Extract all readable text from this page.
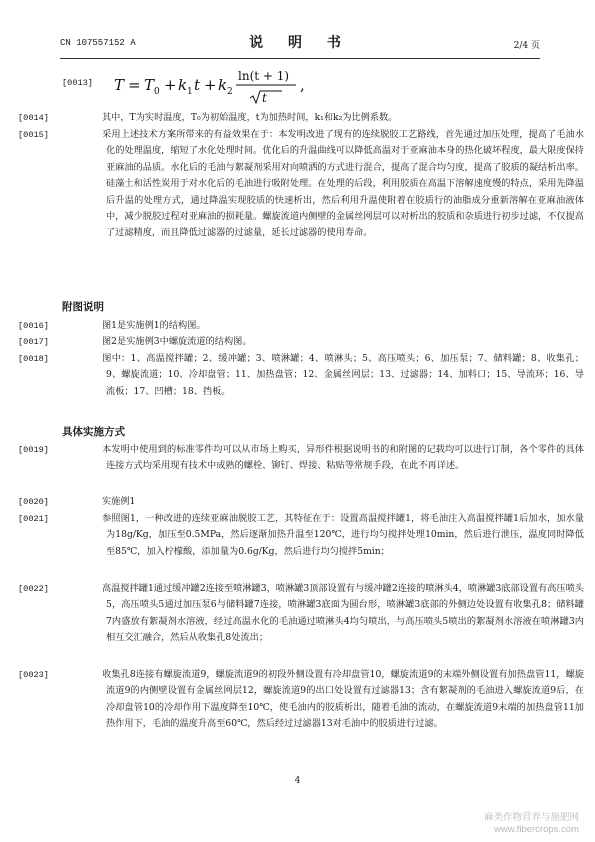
CN 107557152 A	说 明 书	2/4 页
[0013]	T = T 0 + k 1 t + k 2
ln(t + 1)
t
,
[0014]	其中，T为实时温度，T₀为初始温度，t为加热时间，k₁和k₂为比例系数。
[0015]	采用上述技术方案所带来的有益效果在于：本发明改进了现有的连续脱胶工艺路线，首先通过加压处理，提高了毛油水化的处理温度，缩短了水化处理时间。优化后的升温曲线可以降低高温对于亚麻油本身的热化破坏程度，最大限度保持亚麻油的品质。水化后的毛油与絮凝剂采用对向喷洒的方式进行混合，提高了混合均匀度，提高了胶质的凝结析出率。硅藻土和活性炭用于对水化后的毛油进行吸附处理。在处理的后段，利用胶质在高温下溶解速度慢的特点，采用先降温后升温的处理方式，通过降温实现胶质的快速析出，然后利用升温使附着在胶质行的油脂成分重新溶解在亚麻油液体中，减少脱胶过程对亚麻油的损耗量。螺旋流道内侧壁的金属丝网层可以对析出的胶质和杂质进行初步过滤，不仅提高了过滤精度，而且降低过滤器的过滤量，延长过滤器的使用寿命。
附图说明
[0016]	图1是实施例1的结构图。
[0017]	图2是实施例3中螺旋流道的结构图。
[0018]	图中：1、高温搅拌罐；2、缓冲罐；3、喷淋罐；4、喷淋头；5、高压喷头；6、加压泵；7、储料罐；8、收集孔；9、螺旋流道；10、冷却盘管；11、加热盘管；12、金属丝网层；13、过滤器；14、加料口；15、导流环；16、导流板；17、凹槽；18、挡板。
具体实施方式
[0019]	本发明中使用到的标准零件均可以从市场上购买，异形件根据说明书的和附图的记载均可以进行订制，各个零件的具体连接方式均采用现有技术中成熟的螺栓、铆钉、焊接、粘贴等常规手段，在此不再详述。
[0020]	实施例1
[0021]	参照图1，一种改进的连续亚麻油脱胶工艺，其特征在于：设置高温搅拌罐1，将毛油注入高温搅拌罐1后加水，加水量为18g/Kg，加压至0.5MPa，然后逐渐加热升温至120℃，进行均匀搅拌处理10min，然后进行泄压，温度同时降低至85℃，加入柠檬酸，添加量为0.6g/Kg，然后进行均匀搅拌5min；
[0022]	高温搅拌罐1通过缓冲罐2连接至喷淋罐3，喷淋罐3顶部设置有与缓冲罐2连接的喷淋头4，喷淋罐3底部设置有高压喷头5，高压喷头5通过加压泵6与储料罐7连接，喷淋罐3底面为圆台形，喷淋罐3底部的外侧边处设置有收集孔8；储料罐7内盛放有絮凝剂水溶液，经过高温水化的毛油通过喷淋头4均匀喷出，与高压喷头5喷出的絮凝剂水溶液在喷淋罐3内相互交汇融合，然后从收集孔8处流出；
[0023]	收集孔8连接有螺旋流道9，螺旋流道9的初段外侧设置有冷却盘管10，螺旋流道9的末端外侧设置有加热盘管11，螺旋流道9的内侧壁设置有金属丝网层12，螺旋流道9的出口处设置有过滤器13；含有絮凝剂的毛油进入螺旋流道9后，在冷却盘管10的冷却作用下温度降至10℃，使毛油内的胶质析出，随着毛油的流动，在螺旋流道9末端的加热盘管11加热作用下，毛油的温度升高至60℃，然后经过过滤器13对毛油中的胶质进行过滤。
4
麻类作物营养与施肥网
www.fibercrops.com
